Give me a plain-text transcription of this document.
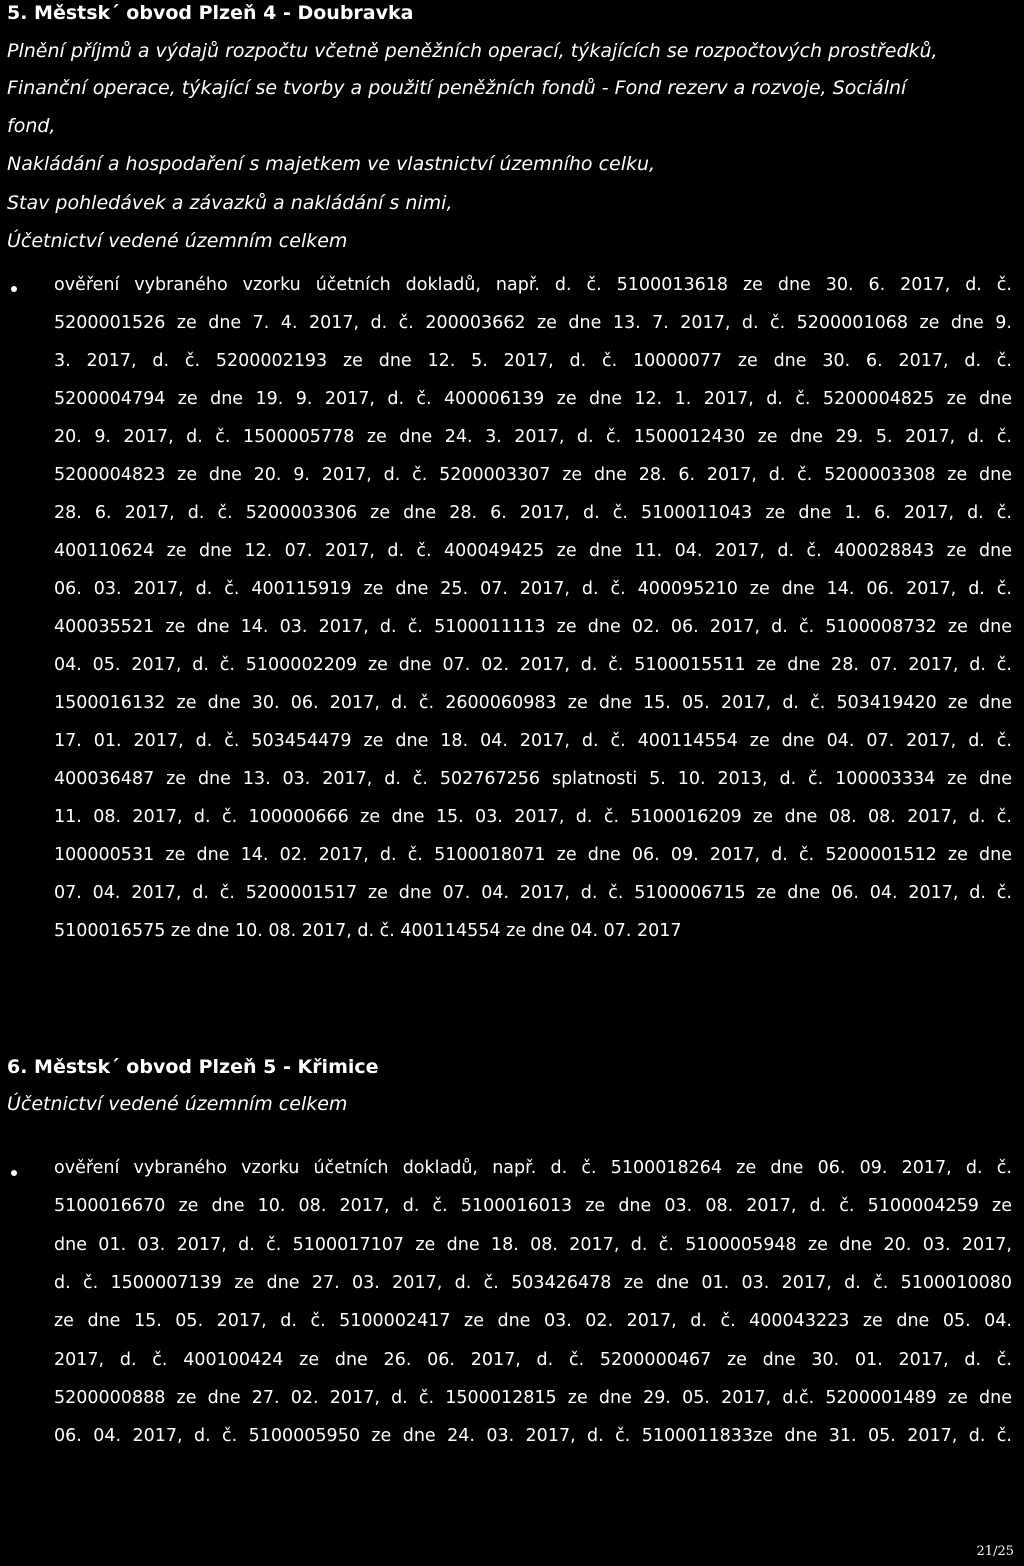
5. Městsk´ obvod Plzeň 4 - Doubravka

Plnění příjmů a výdajů rozpočtu včetně peněžních operací, týkajících se rozpočtových prostředků,

Finanční operace, týkající se tvorby a použití peněžních fondů - Fond rezerv a rozvoje, Sociální

fond,

Nakládání a hospodaření s majetkem ve vlastnictví územního celku,

Stav pohledávek a závazků a nakládání s nimi,

Účetnictví vedené územním celkem

ověření vybraného vzorku účetních dokladů, např. d. č. 5100013618 ze dne 30. 6. 2017, d. č.

5200001526 ze dne 7. 4. 2017, d. č. 200003662 ze dne 13. 7. 2017, d. č. 5200001068 ze dne 9.

3. 2017, d. č. 5200002193 ze dne 12. 5. 2017, d. č. 10000077 ze dne 30. 6. 2017, d. č.

5200004794 ze dne 19. 9. 2017, d. č. 400006139 ze dne 12. 1. 2017, d. č. 5200004825 ze dne

20. 9. 2017, d. č. 1500005778 ze dne 24. 3. 2017, d. č. 1500012430 ze dne 29. 5. 2017, d. č.

5200004823 ze dne 20. 9. 2017, d. č. 5200003307 ze dne 28. 6. 2017, d. č. 5200003308 ze dne

28. 6. 2017, d. č. 5200003306 ze dne 28. 6. 2017, d. č. 5100011043 ze dne 1. 6. 2017, d. č.

400110624 ze dne 12. 07. 2017, d. č. 400049425 ze dne 11. 04. 2017, d. č. 400028843 ze dne

06. 03. 2017, d. č. 400115919 ze dne 25. 07. 2017, d. č. 400095210 ze dne 14. 06. 2017, d. č.

400035521 ze dne 14. 03. 2017, d. č. 5100011113 ze dne 02. 06. 2017, d. č. 5100008732 ze dne

04. 05. 2017, d. č. 5100002209 ze dne 07. 02. 2017, d. č. 5100015511 ze dne 28. 07. 2017, d. č.

1500016132 ze dne 30. 06. 2017, d. č. 2600060983 ze dne 15. 05. 2017, d. č. 503419420 ze dne

17. 01. 2017, d. č. 503454479 ze dne 18. 04. 2017, d. č. 400114554 ze dne 04. 07. 2017, d. č.

400036487 ze dne 13. 03. 2017, d. č. 502767256 splatnosti 5. 10. 2013, d. č. 100003334 ze dne

11. 08. 2017, d. č. 100000666 ze dne 15. 03. 2017, d. č. 5100016209 ze dne 08. 08. 2017, d. č.

100000531 ze dne 14. 02. 2017, d. č. 5100018071 ze dne 06. 09. 2017, d. č. 5200001512 ze dne

07. 04. 2017, d. č. 5200001517 ze dne 07. 04. 2017, d. č. 5100006715 ze dne 06. 04. 2017, d. č.

5100016575 ze dne 10. 08. 2017, d. č. 400114554 ze dne 04. 07. 2017

6. Městsk´ obvod Plzeň 5 - Křimice

Účetnictví vedené územním celkem

ověření vybraného vzorku účetních dokladů, např. d. č. 5100018264 ze dne 06. 09. 2017, d. č.

5100016670 ze dne 10. 08. 2017, d. č. 5100016013 ze dne 03. 08. 2017, d. č. 5100004259 ze

dne 01. 03. 2017, d. č. 5100017107 ze dne 18. 08. 2017, d. č. 5100005948 ze dne 20. 03. 2017,

d. č. 1500007139 ze dne 27. 03. 2017, d. č. 503426478 ze dne 01. 03. 2017, d. č. 5100010080

ze dne 15. 05. 2017, d. č. 5100002417 ze dne 03. 02. 2017, d. č. 400043223 ze dne 05. 04.

2017, d. č. 400100424 ze dne 26. 06. 2017, d. č. 5200000467 ze dne 30. 01. 2017, d. č.

5200000888 ze dne 27. 02. 2017, d. č. 1500012815 ze dne 29. 05. 2017, d.č. 5200001489 ze dne

06. 04. 2017, d. č. 5100005950 ze dne 24. 03. 2017, d. č. 5100011833ze dne 31. 05. 2017, d. č.

21/25
